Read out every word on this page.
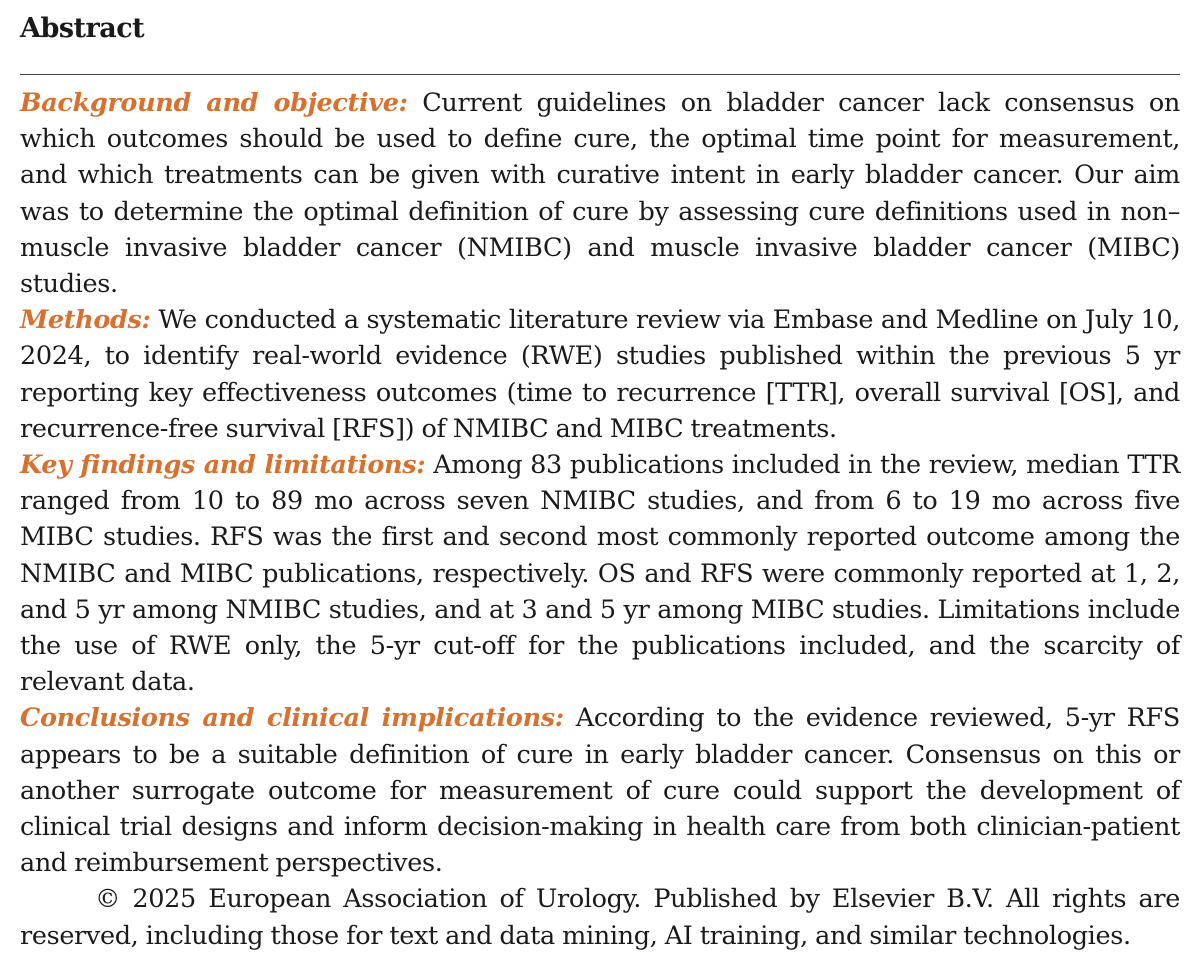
Abstract

Background and objective: Current guidelines on bladder cancer lack consensus on which outcomes should be used to define cure, the optimal time point for measurement, and which treatments can be given with curative intent in early bladder cancer. Our aim was to determine the optimal definition of cure by assessing cure definitions used in non–muscle invasive bladder cancer (NMIBC) and muscle invasive bladder cancer (MIBC) studies.

Methods: We conducted a systematic literature review via Embase and Medline on July 10, 2024, to identify real-world evidence (RWE) studies published within the previous 5 yr reporting key effectiveness outcomes (time to recurrence [TTR], overall survival [OS], and recurrence-free survival [RFS]) of NMIBC and MIBC treatments.

Key findings and limitations: Among 83 publications included in the review, median TTR ranged from 10 to 89 mo across seven NMIBC studies, and from 6 to 19 mo across five MIBC studies. RFS was the first and second most commonly reported outcome among the NMIBC and MIBC publications, respectively. OS and RFS were commonly reported at 1, 2, and 5 yr among NMIBC studies, and at 3 and 5 yr among MIBC studies. Limitations include the use of RWE only, the 5-yr cut-off for the publications included, and the scarcity of relevant data.

Conclusions and clinical implications: According to the evidence reviewed, 5-yr RFS appears to be a suitable definition of cure in early bladder cancer. Consensus on this or another surrogate outcome for measurement of cure could support the development of clinical trial designs and inform decision-making in health care from both clinician-patient and reimbursement perspectives.

© 2025 European Association of Urology. Published by Elsevier B.V. All rights are reserved, including those for text and data mining, AI training, and similar technologies.
